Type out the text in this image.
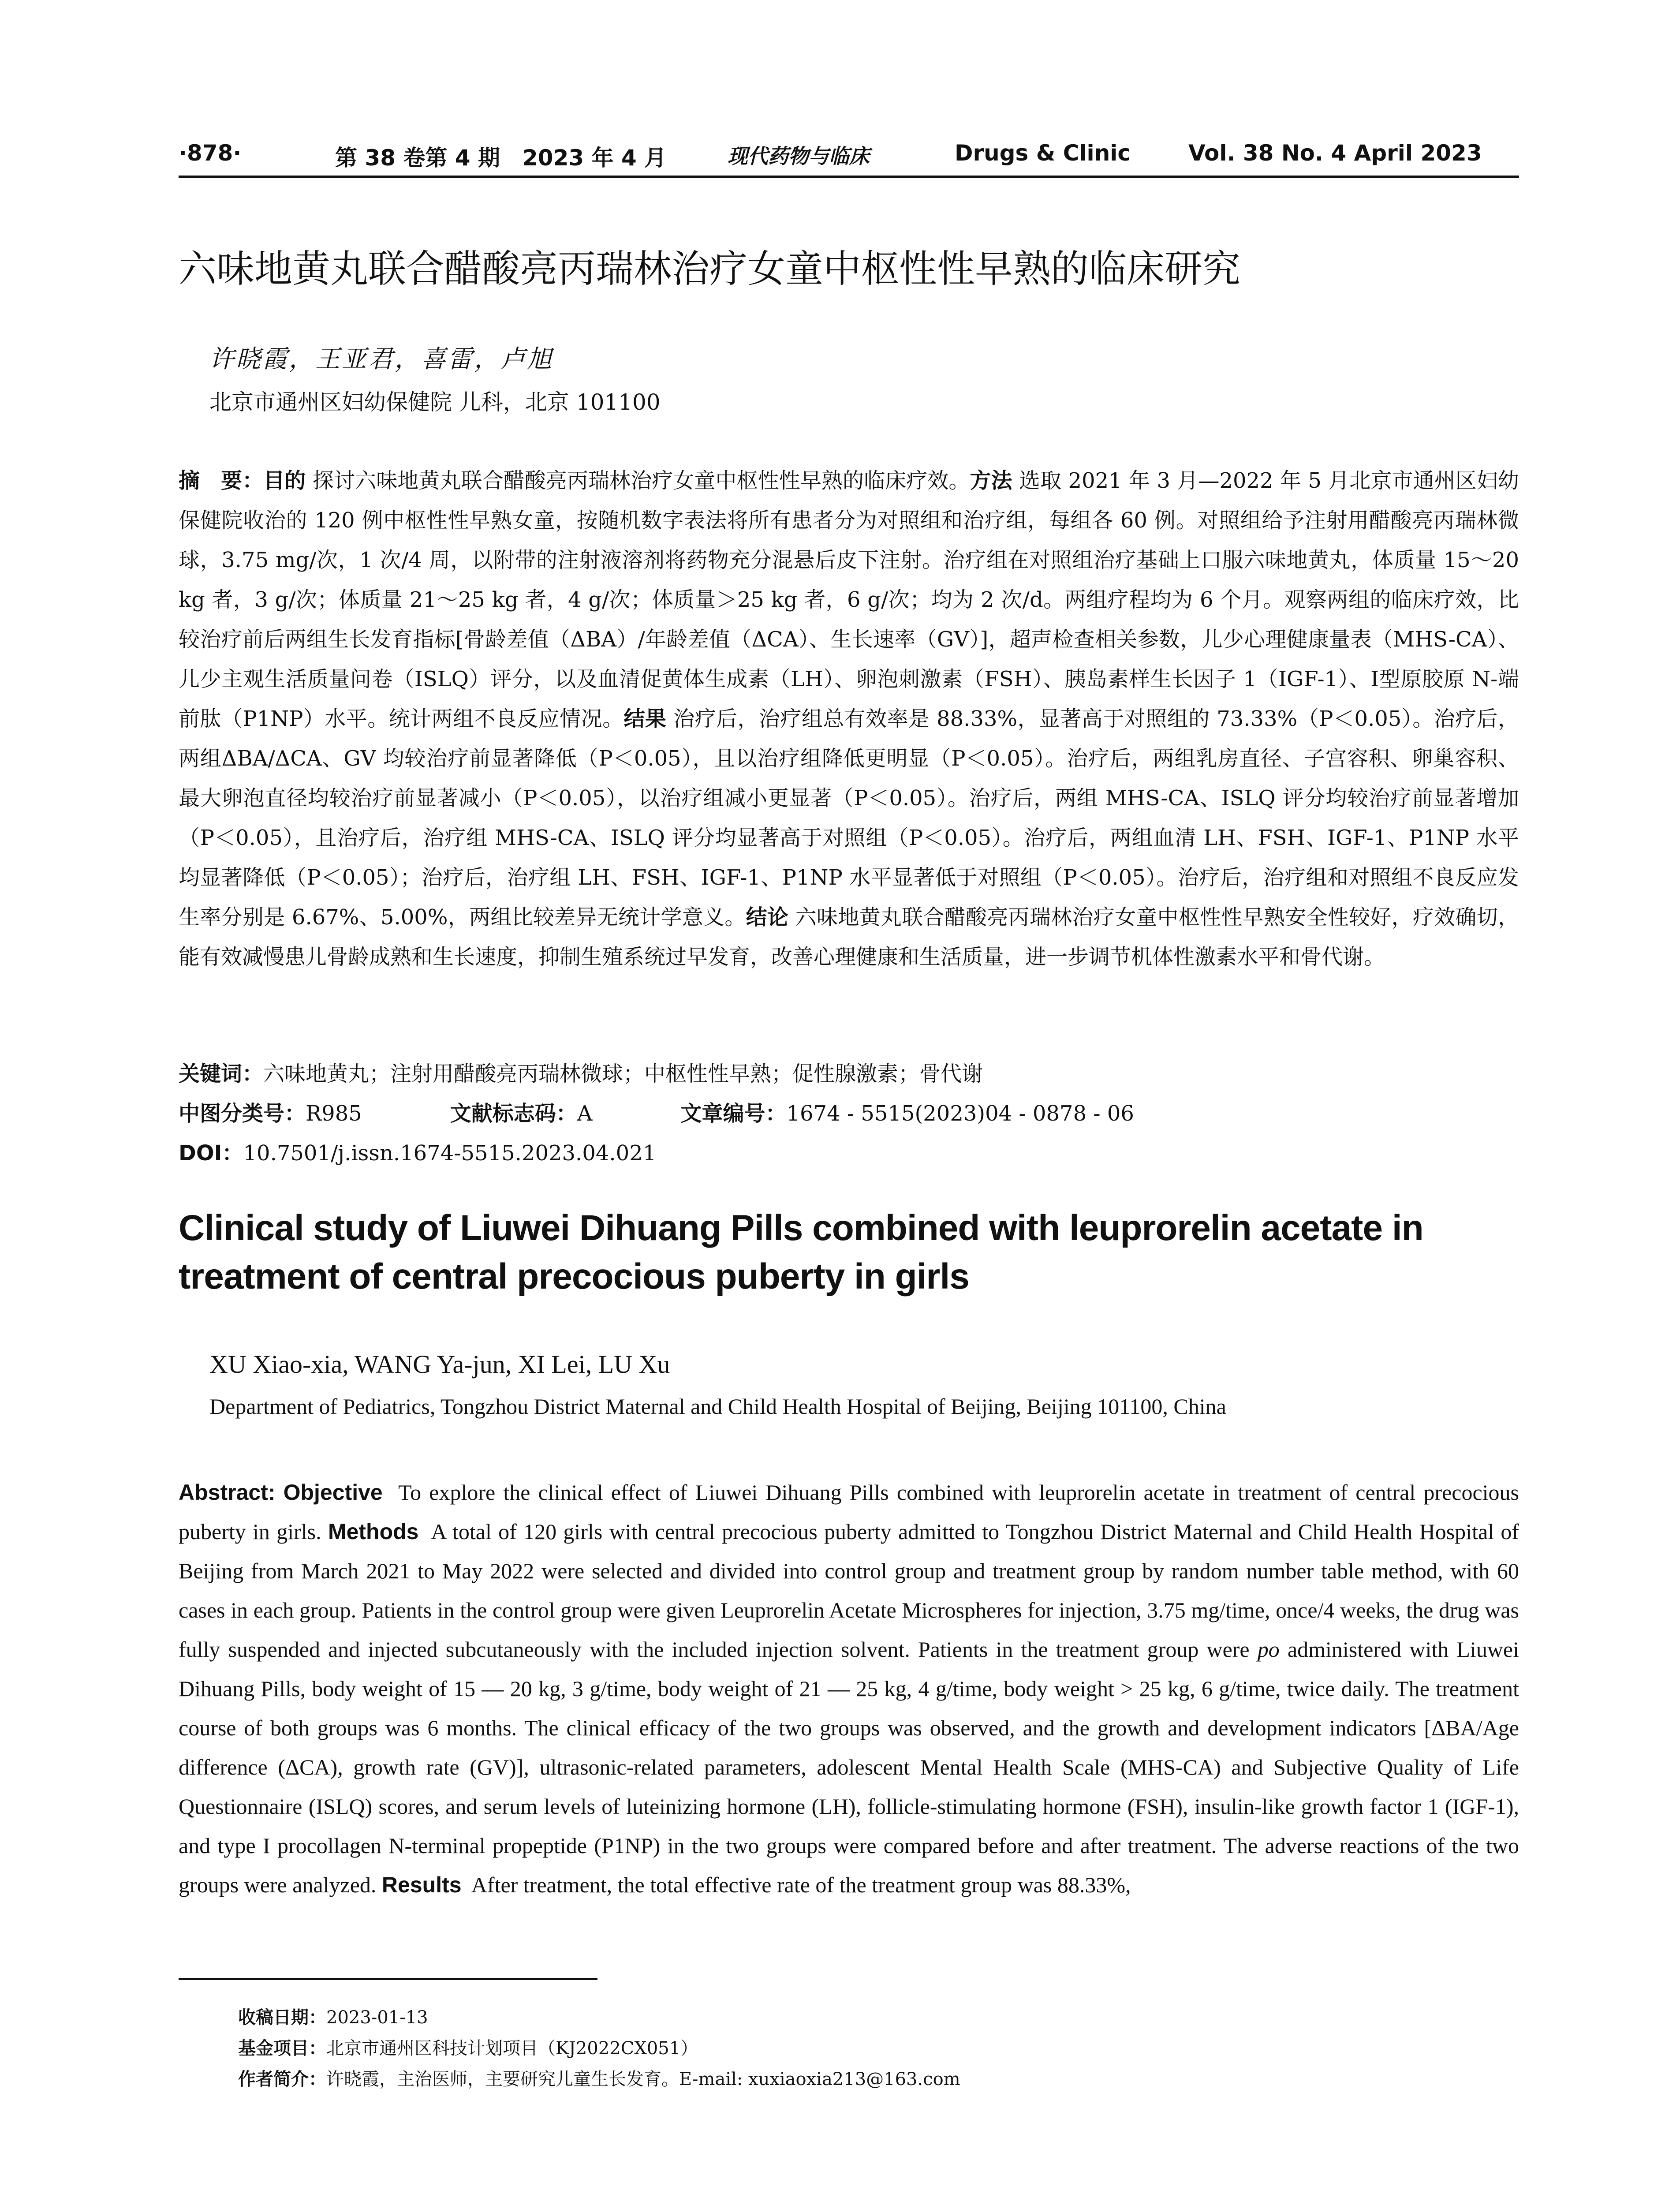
·878·	第 38 卷第 4 期 2023 年 4 月	现代药物与临床	Drugs & Clinic	Vol. 38 No. 4 April 2023
六味地黄丸联合醋酸亮丙瑞林治疗女童中枢性性早熟的临床研究
许晓霞，王亚君，喜雷，卢旭
北京市通州区妇幼保健院 儿科，北京 101100
摘　要：目的 探讨六味地黄丸联合醋酸亮丙瑞林治疗女童中枢性性早熟的临床疗效。方法 选取 2021 年 3 月—2022 年 5 月北京市通州区妇幼保健院收治的 120 例中枢性性早熟女童，按随机数字表法将所有患者分为对照组和治疗组，每组各 60 例。对照组给予注射用醋酸亮丙瑞林微球，3.75 mg/次，1 次/4 周，以附带的注射液溶剂将药物充分混悬后皮下注射。治疗组在对照组治疗基础上口服六味地黄丸，体质量 15～20 kg 者，3 g/次；体质量 21～25 kg 者，4 g/次；体质量＞25 kg 者，6 g/次；均为 2 次/d。两组疗程均为 6 个月。观察两组的临床疗效，比较治疗前后两组生长发育指标[骨龄差值（ΔBA）/年龄差值（ΔCA）、生长速率（GV）]，超声检查相关参数，儿少心理健康量表（MHS-CA）、儿少主观生活质量问卷（ISLQ）评分，以及血清促黄体生成素（LH）、卵泡刺激素（FSH）、胰岛素样生长因子 1（IGF-1）、Ⅰ型原胶原 N-端前肽（P1NP）水平。统计两组不良反应情况。结果 治疗后，治疗组总有效率是 88.33%，显著高于对照组的 73.33%（P＜0.05）。治疗后，两组ΔBA/ΔCA、GV 均较治疗前显著降低（P＜0.05），且以治疗组降低更明显（P＜0.05）。治疗后，两组乳房直径、子宫容积、卵巢容积、最大卵泡直径均较治疗前显著减小（P＜0.05），以治疗组减小更显著（P＜0.05）。治疗后，两组 MHS-CA、ISLQ 评分均较治疗前显著增加（P＜0.05），且治疗后，治疗组 MHS-CA、ISLQ 评分均显著高于对照组（P＜0.05）。治疗后，两组血清 LH、FSH、IGF-1、P1NP 水平均显著降低（P＜0.05）；治疗后，治疗组 LH、FSH、IGF-1、P1NP 水平显著低于对照组（P＜0.05）。治疗后，治疗组和对照组不良反应发生率分别是 6.67%、5.00%，两组比较差异无统计学意义。结论 六味地黄丸联合醋酸亮丙瑞林治疗女童中枢性性早熟安全性较好，疗效确切，能有效减慢患儿骨龄成熟和生长速度，抑制生殖系统过早发育，改善心理健康和生活质量，进一步调节机体性激素水平和骨代谢。
关键词：六味地黄丸；注射用醋酸亮丙瑞林微球；中枢性性早熟；促性腺激素；骨代谢
中图分类号：R985	文献标志码：A	文章编号：1674 - 5515(2023)04 - 0878 - 06
DOI：10.7501/j.issn.1674-5515.2023.04.021
Clinical study of Liuwei Dihuang Pills combined with leuprorelin acetate in treatment of central precocious puberty in girls
XU Xiao-xia, WANG Ya-jun, XI Lei, LU Xu
Department of Pediatrics, Tongzhou District Maternal and Child Health Hospital of Beijing, Beijing 101100, China
Abstract: Objective To explore the clinical effect of Liuwei Dihuang Pills combined with leuprorelin acetate in treatment of central precocious puberty in girls. Methods A total of 120 girls with central precocious puberty admitted to Tongzhou District Maternal and Child Health Hospital of Beijing from March 2021 to May 2022 were selected and divided into control group and treatment group by random number table method, with 60 cases in each group. Patients in the control group were given Leuprorelin Acetate Microspheres for injection, 3.75 mg/time, once/4 weeks, the drug was fully suspended and injected subcutaneously with the included injection solvent. Patients in the treatment group were po administered with Liuwei Dihuang Pills, body weight of 15 — 20 kg, 3 g/time, body weight of 21 — 25 kg, 4 g/time, body weight > 25 kg, 6 g/time, twice daily. The treatment course of both groups was 6 months. The clinical efficacy of the two groups was observed, and the growth and development indicators [ΔBA/Age difference (ΔCA), growth rate (GV)], ultrasonic-related parameters, adolescent Mental Health Scale (MHS-CA) and Subjective Quality of Life Questionnaire (ISLQ) scores, and serum levels of luteinizing hormone (LH), follicle-stimulating hormone (FSH), insulin-like growth factor 1 (IGF-1), and type I procollagen N-terminal propeptide (P1NP) in the two groups were compared before and after treatment. The adverse reactions of the two groups were analyzed. Results After treatment, the total effective rate of the treatment group was 88.33%,
收稿日期：2023-01-13
基金项目：北京市通州区科技计划项目（KJ2022CX051）
作者简介：许晓霞，主治医师，主要研究儿童生长发育。E-mail: xuxiaoxia213@163.com
